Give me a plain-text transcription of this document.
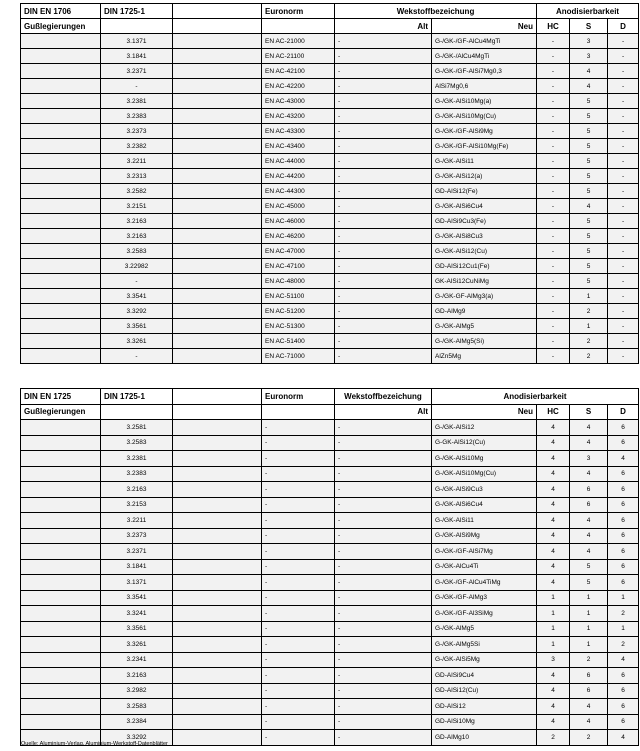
DIN EN 1706	DIN 1725-1		Euronorm	Wekstoffbezeichung		Anodisierbarkeit		
Gußlegierungen				Alt	Neu	HC	S	D
	3.1371		EN AC-21000	-	G-/GK-/GF-AlCu4MgTi	-	3	-
	3.1841		EN AC-21100	-	G-/GK-/AlCu4MgTi	-	3	-
	3.2371		EN AC-42100	-	G-/GK-/GF-AlSi7Mg0,3	-	4	-
	-		EN AC-42200	-	AlSi7Mg0,6	-	4	-
	3.2381		EN AC-43000	-	G-/GK-AlSi10Mg(a)	-	5	-
	3.2383		EN AC-43200	-	G-/GK-AlSi10Mg(Cu)	-	5	-
	3.2373		EN AC-43300	-	G-/GK-/GF-AlSi9Mg	-	5	-
	3.2382		EN AC-43400	-	G-/GK-/GF-AlSi10Mg(Fe)	-	5	-
	3.2211		EN AC-44000	-	G-/GK-AlSi11	-	5	-
	3.2313		EN AC-44200	-	G-/GK-AlSi12(a)	-	5	-
	3.2582		EN AC-44300	-	GD-AlSi12(Fe)	-	5	-
	3.2151		EN AC-45000	-	G-/GK-AlSi6Cu4	-	4	-
	3.2163		EN AC-46000	-	GD-AlSi9Cu3(Fe)	-	5	-
	3.2163		EN AC-46200	-	G-/GK-AlSi8Cu3	-	5	-
	3.2583		EN AC-47000	-	G-/GK-AlSi12(Cu)	-	5	-
	3.22982		EN AC-47100	-	GD-AlSi12Cu1(Fe)	-	5	-
	-		EN AC-48000	-	GK-AlSi12CuNiMg	-	5	-
	3.3541		EN AC-51100	-	G-/GK-GF-AlMg3(a)	-	1	-
	3.3292		EN AC-51200	-	GD-AlMg9	-	2	-
	3.3561		EN AC-51300	-	G-/GK-AlMg5	-	1	-
	3.3261		EN AC-51400	-	G-/GK-AlMg5(Si)	-	2	-
	-		EN AC-71000	-	AlZn5Mg	-	2	-
DIN EN 1725	DIN 1725-1		Euronorm	Wekstoffbezeichung	Anodisierbarkeit			
Gußlegierungen				Alt	Neu	HC	S	D
	3.2581		-	-	G-/GK-AlSi12	4	4	6
	3.2583		-	-	G-GK-AlSi12(Cu)	4	4	6
	3.2381		-	-	G-/GK-AlSi10Mg	4	3	4
	3.2383		-	-	G-/GK-AlSi10Mg(Cu)	4	4	6
	3.2163		-	-	G-/GK-AlSi9Cu3	4	6	6
	3.2153		-	-	G-/GK-AlSi6Cu4	4	6	6
	3.2211		-	-	G-/GK-AlSi11	4	4	6
	3.2373		-	-	G-/GK-AlSi9Mg	4	4	6
	3.2371		-	-	G-/GK-/GF-AlSi7Mg	4	4	6
	3.1841		-	-	G-/GK-AlCu4Ti	4	5	6
	3.1371		-	-	G-/GK-/GF-AlCu4TiMg	4	5	6
	3.3541		-	-	G-/GK-/GF-AlMg3	1	1	1
	3.3241		-	-	G-/GK-/GF-Al3SiMg	1	1	2
	3.3561		-	-	G-/GK-AlMg5	1	1	1
	3.3261		-	-	G-/GK-AlMg5Si	1	1	2
	3.2341		-	-	G-/GK-AlSi5Mg	3	2	4
	3.2163		-	-	GD-AlSi9Cu4	4	6	6
	3.2982		-	-	GD-AlSi12(Cu)	4	6	6
	3.2583		-	-	GD-AlSi12	4	4	6
	3.2384		-	-	GD-AlSi10Mg	4	4	6
	3.3292		-	-	GD-AlMg10	2	2	4
Quelle: Aluminium-Verlag, Aluminium-Werkstoff-Datenblätter
